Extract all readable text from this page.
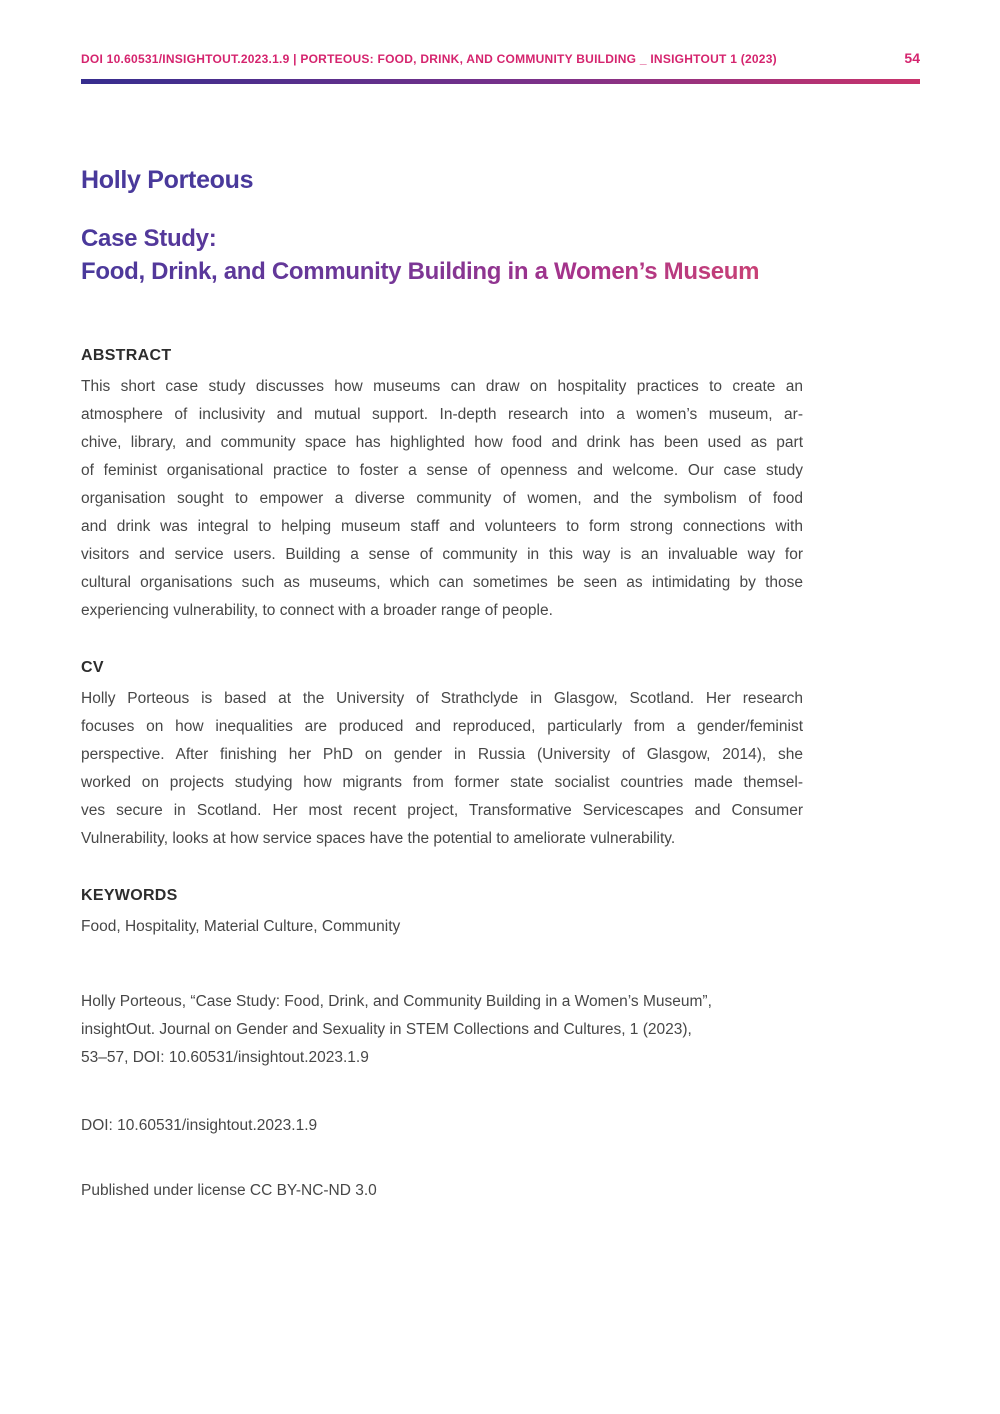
DOI 10.60531/INSIGHTOUT.2023.1.9 | PORTEOUS: FOOD, DRINK, AND COMMUNITY BUILDING _ INSIGHTOUT 1 (2023)	54
Holly Porteous
Case Study:
Food, Drink, and Community Building in a Women’s Museum
ABSTRACT
This short case study discusses how museums can draw on hospitality practices to create an
atmosphere of inclusivity and mutual support. In-depth research into a women’s museum, ar-
chive, library, and community space has highlighted how food and drink has been used as part
of feminist organisational practice to foster a sense of openness and welcome. Our case study
organisation sought to empower a diverse community of women, and the symbolism of food
and drink was integral to helping museum staff and volunteers to form strong connections with
visitors and service users. Building a sense of community in this way is an invaluable way for
cultural organisations such as museums, which can sometimes be seen as intimidating by those
experiencing vulnerability, to connect with a broader range of people.
CV
Holly Porteous is based at the University of Strathclyde in Glasgow, Scotland. Her research
focuses on how inequalities are produced and reproduced, particularly from a gender/feminist
perspective. After finishing her PhD on gender in Russia (University of Glasgow, 2014), she
worked on projects studying how migrants from former state socialist countries made themsel-
ves secure in Scotland. Her most recent project, Transformative Servicescapes and Consumer
Vulnerability, looks at how service spaces have the potential to ameliorate vulnerability.
KEYWORDS
Food, Hospitality, Material Culture, Community
Holly Porteous, “Case Study: Food, Drink, and Community Building in a Women’s Museum”,
insightOut. Journal on Gender and Sexuality in STEM Collections and Cultures, 1 (2023),
53–57, DOI: 10.60531/insightout.2023.1.9

DOI: 10.60531/insightout.2023.1.9

Published under license CC BY-NC-ND 3.0
